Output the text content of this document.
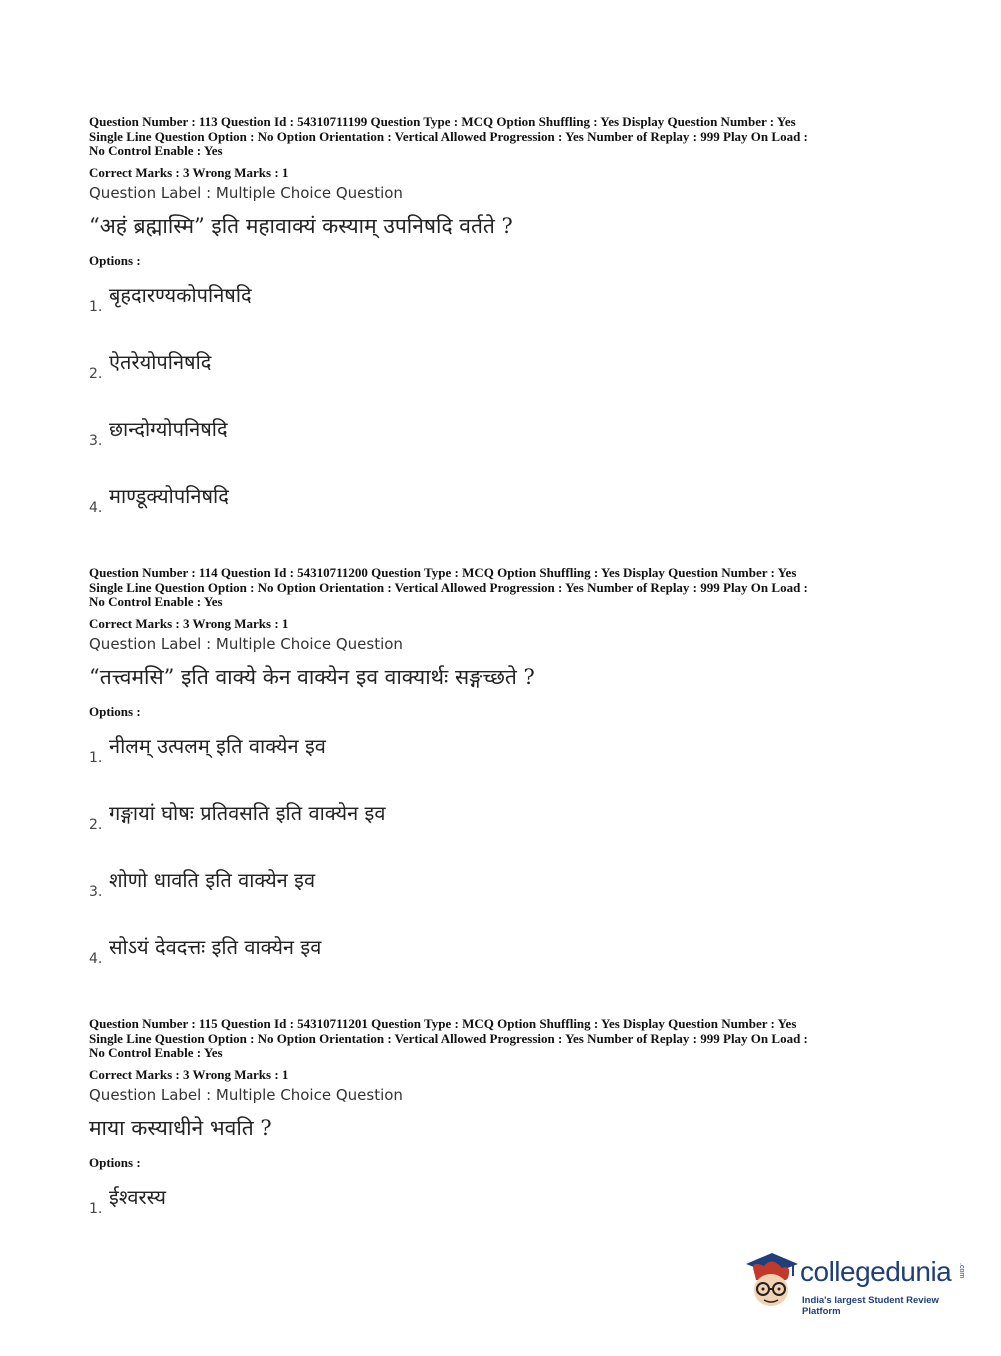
Question Number : 113 Question Id : 54310711199 Question Type : MCQ Option Shuffling : Yes Display Question Number : Yes

Single Line Question Option : No Option Orientation : Vertical Allowed Progression : Yes Number of Replay : 999 Play On Load :

No Control Enable : Yes

Correct Marks : 3 Wrong Marks : 1
Question Label : Multiple Choice Question
“अहं ब्रह्मास्मि” इति महावाक्यं कस्याम् उपनिषदि वर्तते ?
Options :
1. बृहदारण्यकोपनिषदि
2. ऐतरेयोपनिषदि
3. छान्दोग्योपनिषदि
4. माण्डूक्योपनिषदि

Question Number : 114 Question Id : 54310711200 Question Type : MCQ Option Shuffling : Yes Display Question Number : Yes

Single Line Question Option : No Option Orientation : Vertical Allowed Progression : Yes Number of Replay : 999 Play On Load :

No Control Enable : Yes

Correct Marks : 3 Wrong Marks : 1
Question Label : Multiple Choice Question
“तत्त्वमसि” इति वाक्ये केन वाक्येन इव वाक्यार्थः सङ्गच्छते ?
Options :
1. नीलम् उत्पलम् इति वाक्येन इव
2. गङ्गायां घोषः प्रतिवसति इति वाक्येन इव
3. शोणो धावति इति वाक्येन इव
4. सोऽयं देवदत्तः इति वाक्येन इव

Question Number : 115 Question Id : 54310711201 Question Type : MCQ Option Shuffling : Yes Display Question Number : Yes

Single Line Question Option : No Option Orientation : Vertical Allowed Progression : Yes Number of Replay : 999 Play On Load :

No Control Enable : Yes

Correct Marks : 3 Wrong Marks : 1
Question Label : Multiple Choice Question
माया कस्याधीने भवति ?
Options :
1. ईश्वरस्य
collegedunia .com
India's largest Student Review Platform
